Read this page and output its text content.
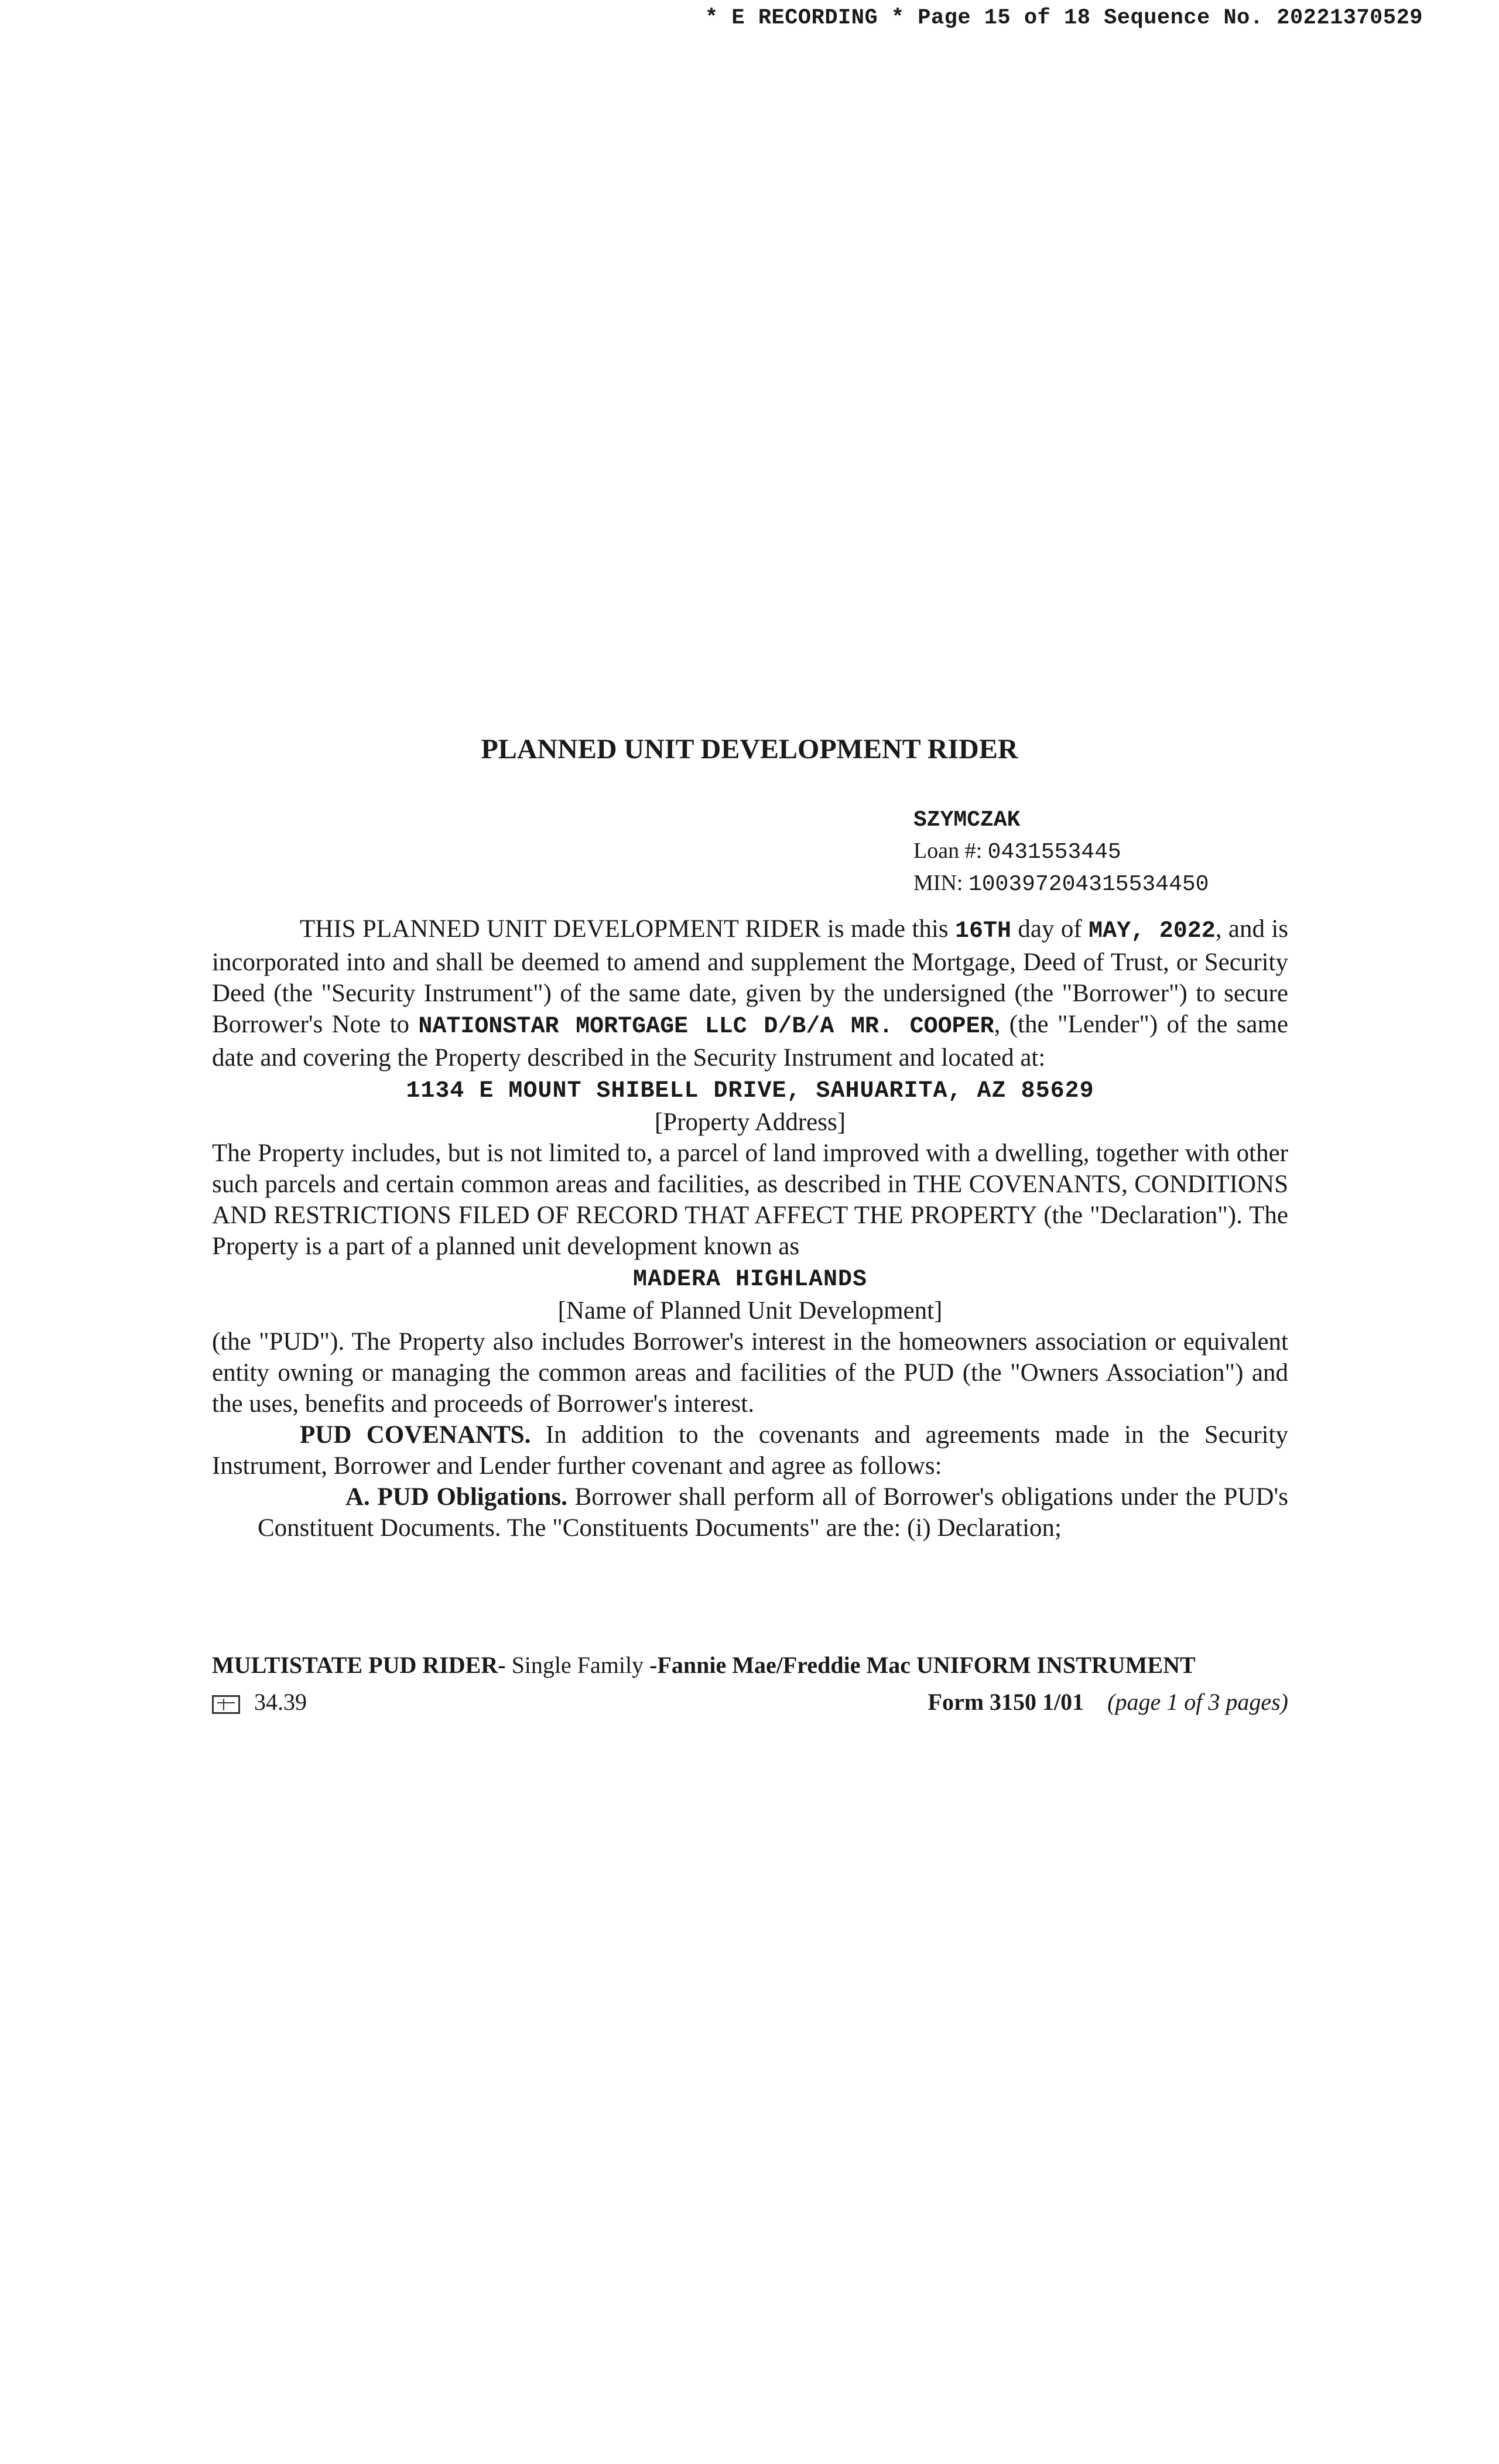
* E RECORDING * Page 15 of 18 Sequence No. 20221370529
PLANNED UNIT DEVELOPMENT RIDER
SZYMCZAK
Loan #: 0431553445
MIN: 100397204315534450

THIS PLANNED UNIT DEVELOPMENT RIDER is made this 16TH day of MAY, 2022, and is incorporated into and shall be deemed to amend and supplement the Mortgage, Deed of Trust, or Security Deed (the "Security Instrument") of the same date, given by the undersigned (the "Borrower") to secure Borrower's Note to NATIONSTAR MORTGAGE LLC D/B/A MR. COOPER, (the "Lender") of the same date and covering the Property described in the Security Instrument and located at:

1134 E MOUNT SHIBELL DRIVE, SAHUARITA, AZ 85629

[Property Address]

The Property includes, but is not limited to, a parcel of land improved with a dwelling, together with other such parcels and certain common areas and facilities, as described in THE COVENANTS, CONDITIONS AND RESTRICTIONS FILED OF RECORD THAT AFFECT THE PROPERTY (the "Declaration"). The Property is a part of a planned unit development known as

MADERA HIGHLANDS

[Name of Planned Unit Development]

(the "PUD"). The Property also includes Borrower's interest in the homeowners association or equivalent entity owning or managing the common areas and facilities of the PUD (the "Owners Association") and the uses, benefits and proceeds of Borrower's interest.

PUD COVENANTS. In addition to the covenants and agreements made in the Security Instrument, Borrower and Lender further covenant and agree as follows:

A. PUD Obligations. Borrower shall perform all of Borrower's obligations under the PUD's Constituent Documents. The "Constituents Documents" are the: (i) Declaration;

MULTISTATE PUD RIDER- Single Family -Fannie Mae/Freddie Mac UNIFORM INSTRUMENT
34.39	Form 3150 1/01 (page 1 of 3 pages)
